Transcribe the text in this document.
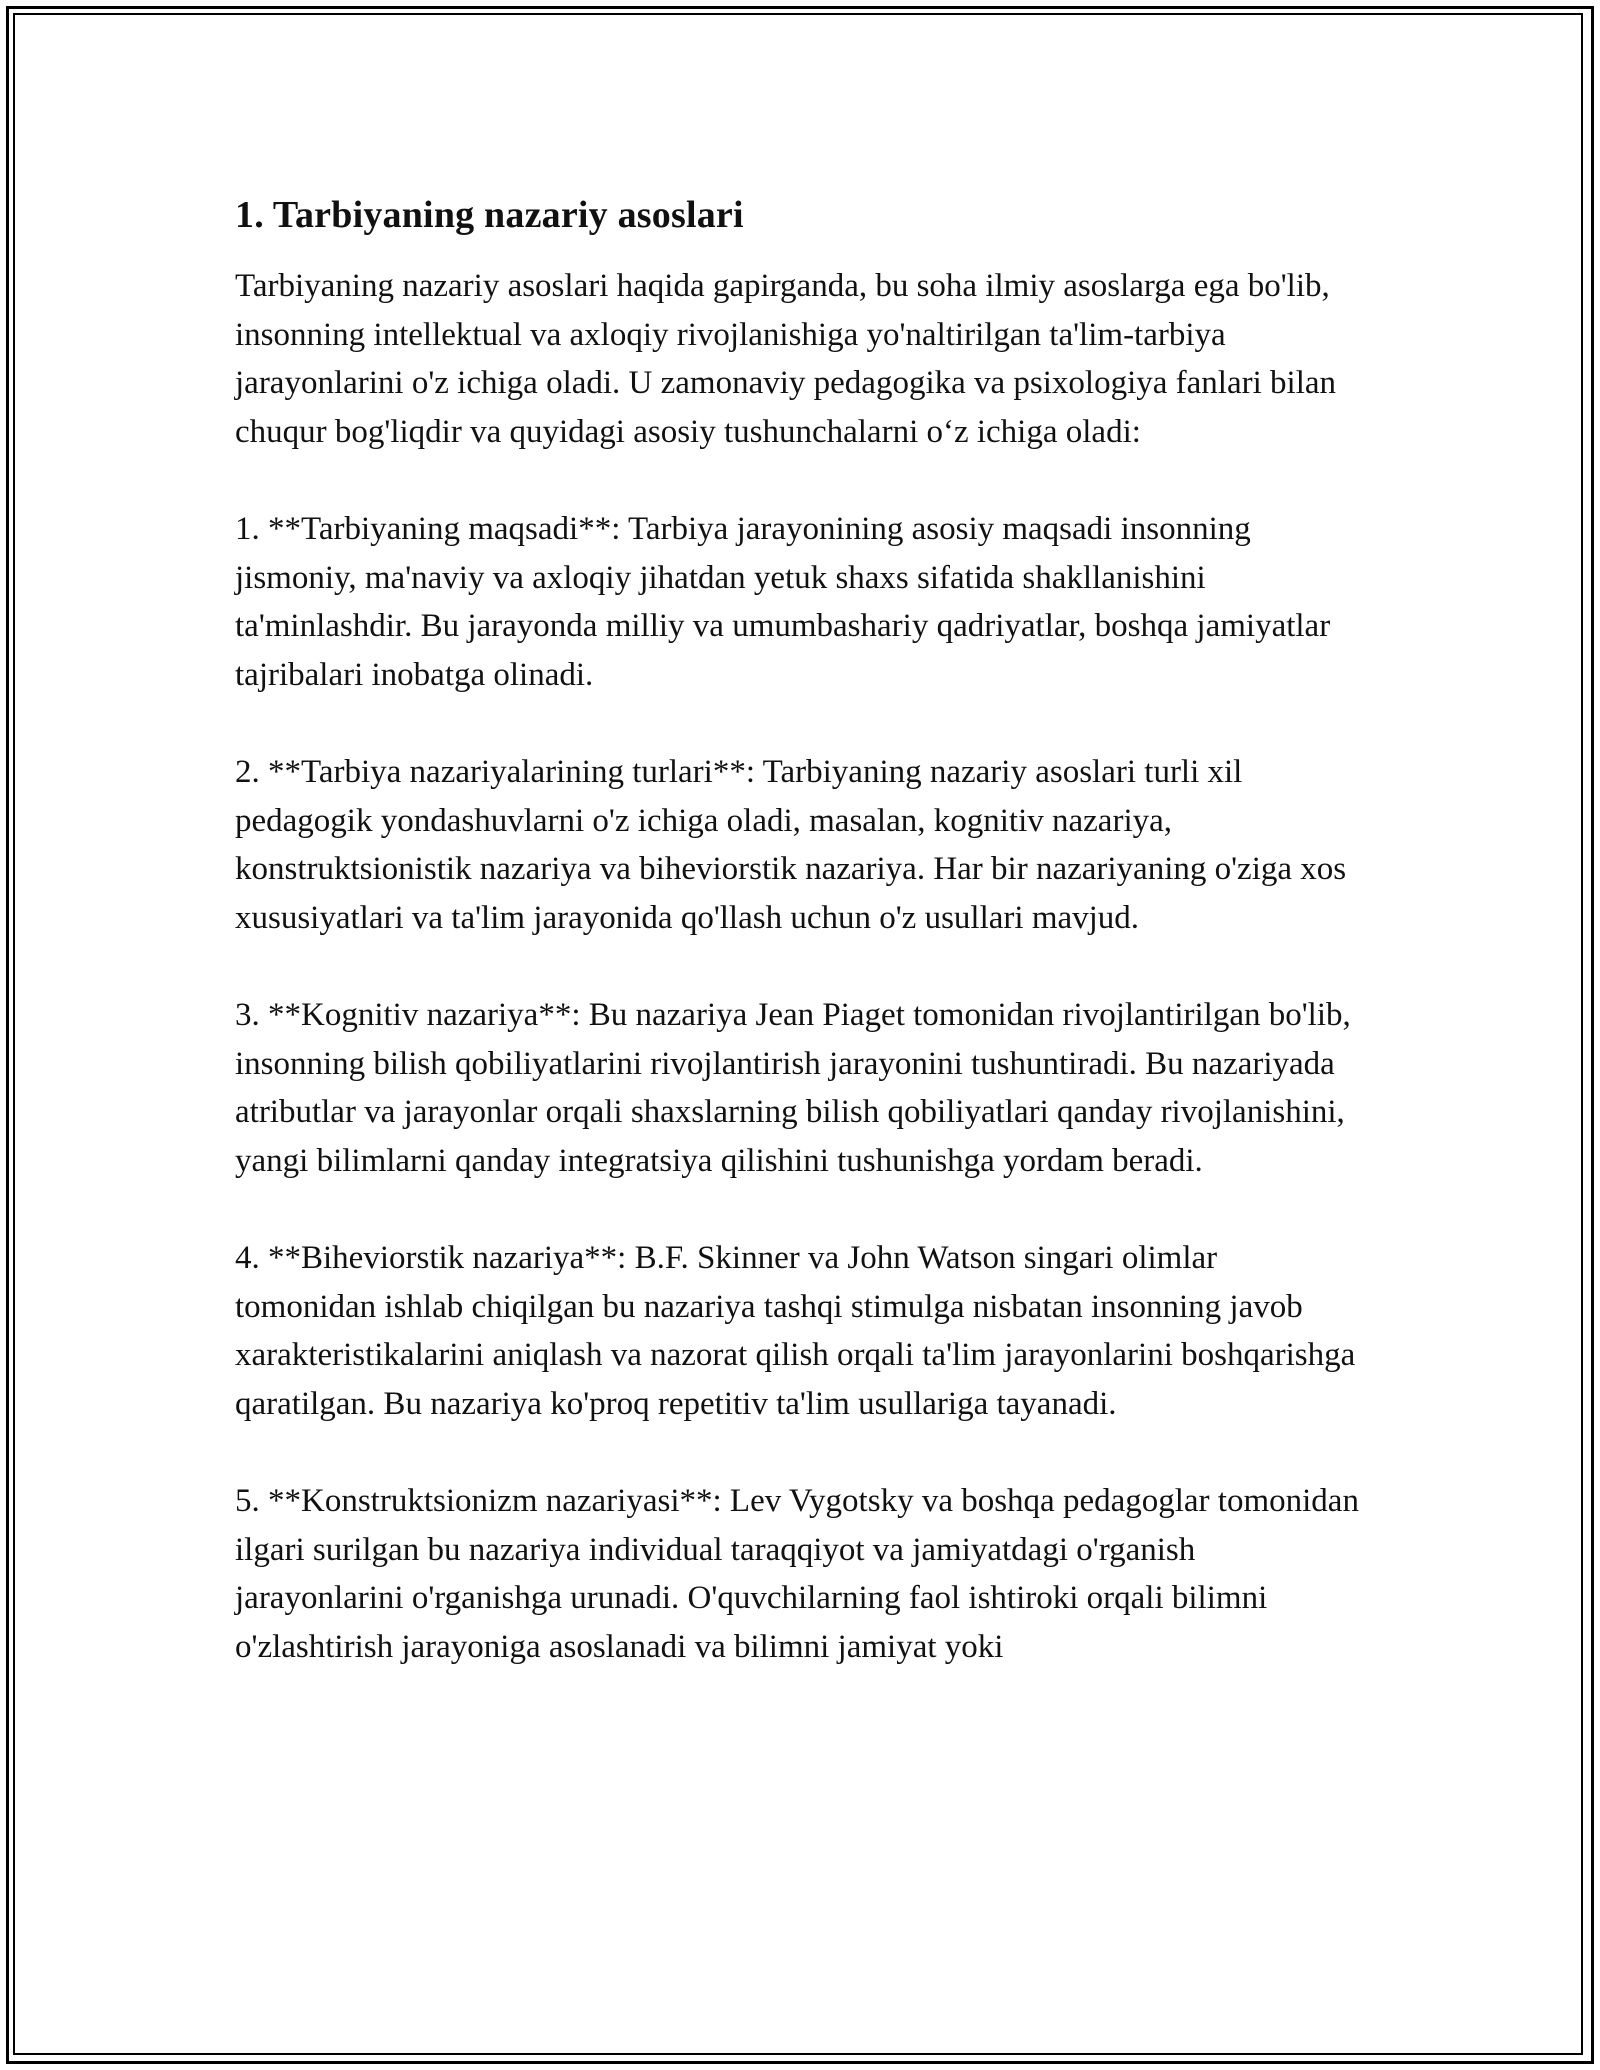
1. Tarbiyaning nazariy asoslari

Tarbiyaning nazariy asoslari haqida gapirganda, bu soha ilmiy asoslarga ega bo'lib, insonning intellektual va axloqiy rivojlanishiga yo'naltirilgan ta'lim-tarbiya jarayonlarini o'z ichiga oladi. U zamonaviy pedagogika va psixologiya fanlari bilan chuqur bog'liqdir va quyidagi asosiy tushunchalarni o‘z ichiga oladi:

1. **Tarbiyaning maqsadi**: Tarbiya jarayonining asosiy maqsadi insonning jismoniy, ma'naviy va axloqiy jihatdan yetuk shaxs sifatida shakllanishini ta'minlashdir. Bu jarayonda milliy va umumbashariy qadriyatlar, boshqa jamiyatlar tajribalari inobatga olinadi.

2. **Tarbiya nazariyalarining turlari**: Tarbiyaning nazariy asoslari turli xil pedagogik yondashuvlarni o'z ichiga oladi, masalan, kognitiv nazariya, konstruktsionistik nazariya va biheviorstik nazariya. Har bir nazariyaning o'ziga xos xususiyatlari va ta'lim jarayonida qo'llash uchun o'z usullari mavjud.

3. **Kognitiv nazariya**: Bu nazariya Jean Piaget tomonidan rivojlantirilgan bo'lib, insonning bilish qobiliyatlarini rivojlantirish jarayonini tushuntiradi. Bu nazariyada atributlar va jarayonlar orqali shaxslarning bilish qobiliyatlari qanday rivojlanishini, yangi bilimlarni qanday integratsiya qilishini tushunishga yordam beradi.

4. **Biheviorstik nazariya**: B.F. Skinner va John Watson singari olimlar tomonidan ishlab chiqilgan bu nazariya tashqi stimulga nisbatan insonning javob xarakteristikalarini aniqlash va nazorat qilish orqali ta'lim jarayonlarini boshqarishga qaratilgan. Bu nazariya ko'proq repetitiv ta'lim usullariga tayanadi.

5. **Konstruktsionizm nazariyasi**: Lev Vygotsky va boshqa pedagoglar tomonidan ilgari surilgan bu nazariya individual taraqqiyot va jamiyatdagi o'rganish jarayonlarini o'rganishga urunadi. O'quvchilarning faol ishtiroki orqali bilimni o'zlashtirish jarayoniga asoslanadi va bilimni jamiyat yoki
